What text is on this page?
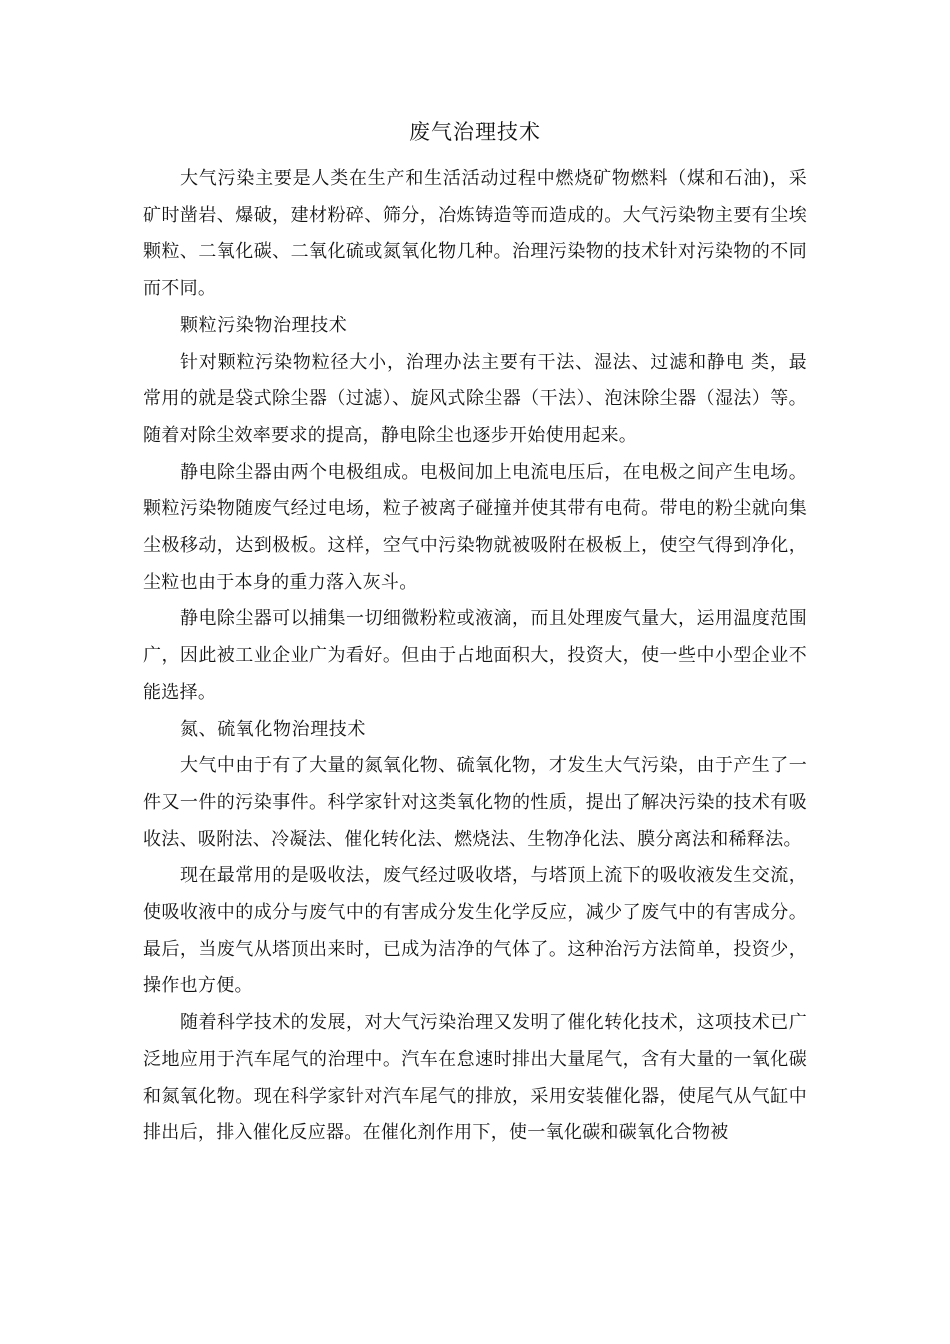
废气治理技术

大气污染主要是人类在生产和生活活动过程中燃烧矿物燃料（煤和石油)，采矿时凿岩、爆破，建材粉碎、筛分，冶炼铸造等而造成的。大气污染物主要有尘埃颗粒、二氧化碳、二氧化硫或氮氧化物几种。治理污染物的技术针对污染物的不同而不同。

颗粒污染物治理技术

针对颗粒污染物粒径大小，治理办法主要有干法、湿法、过滤和静电 类，最常用的就是袋式除尘器（过滤）、旋风式除尘器（干法）、泡沫除尘器（湿法）等。随着对除尘效率要求的提高，静电除尘也逐步开始使用起来。

静电除尘器由两个电极组成。电极间加上电流电压后，在电极之间产生电场。颗粒污染物随废气经过电场，粒子被离子碰撞并使其带有电荷。带电的粉尘就向集尘极移动，达到极板。这样，空气中污染物就被吸附在极板上，使空气得到净化，尘粒也由于本身的重力落入灰斗。

静电除尘器可以捕集一切细微粉粒或液滴，而且处理废气量大，运用温度范围广，因此被工业企业广为看好。但由于占地面积大，投资大，使一些中小型企业不能选择。

氮、硫氧化物治理技术

大气中由于有了大量的氮氧化物、硫氧化物，才发生大气污染，由于产生了一件又一件的污染事件。科学家针对这类氧化物的性质，提出了解决污染的技术有吸收法、吸附法、冷凝法、催化转化法、燃烧法、生物净化法、膜分离法和稀释法。

现在最常用的是吸收法，废气经过吸收塔，与塔顶上流下的吸收液发生交流，使吸收液中的成分与废气中的有害成分发生化学反应，减少了废气中的有害成分。最后，当废气从塔顶出来时，已成为洁净的气体了。这种治污方法简单，投资少，操作也方便。

随着科学技术的发展，对大气污染治理又发明了催化转化技术，这项技术已广泛地应用于汽车尾气的治理中。汽车在怠速时排出大量尾气，含有大量的一氧化碳和氮氧化物。现在科学家针对汽车尾气的排放，采用安装催化器，使尾气从气缸中排出后，排入催化反应器。在催化剂作用下，使一氧化碳和碳氧化合物被
